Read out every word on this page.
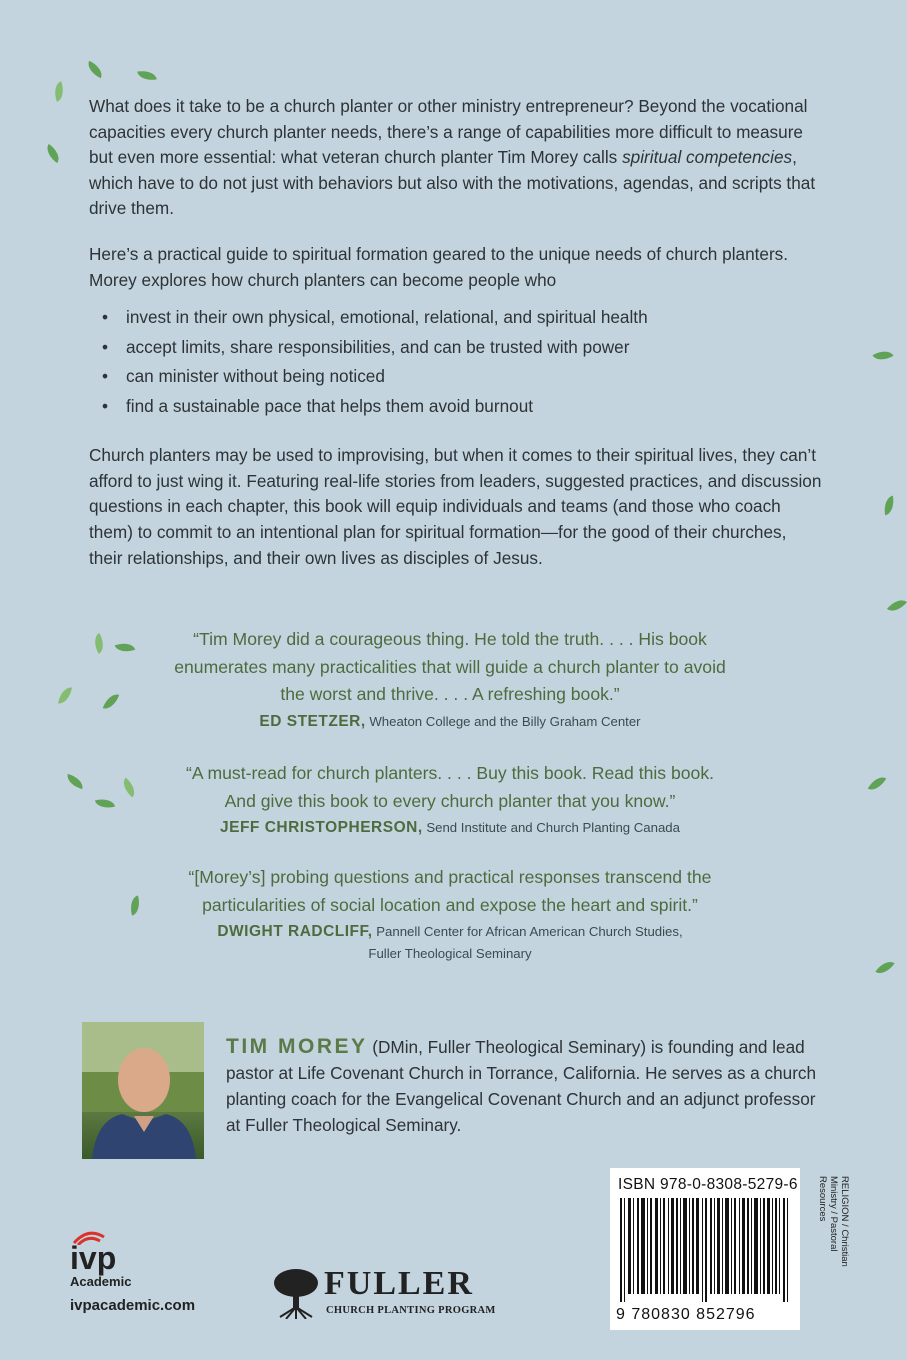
What does it take to be a church planter or other ministry entrepreneur? Beyond the vocational capacities every church planter needs, there’s a range of capabilities more difficult to measure but even more essential: what veteran church planter Tim Morey calls spiritual competencies, which have to do not just with behaviors but also with the motivations, agendas, and scripts that drive them.

Here’s a practical guide to spiritual formation geared to the unique needs of church planters. Morey explores how church planters can become people who

• invest in their own physical, emotional, relational, and spiritual health
• accept limits, share responsibilities, and can be trusted with power
• can minister without being noticed
• find a sustainable pace that helps them avoid burnout

Church planters may be used to improvising, but when it comes to their spiritual lives, they can’t afford to just wing it. Featuring real-life stories from leaders, suggested practices, and discussion questions in each chapter, this book will equip individuals and teams (and those who coach them) to commit to an intentional plan for spiritual formation—for the good of their churches, their relationships, and their own lives as disciples of Jesus.

“Tim Morey did a courageous thing. He told the truth. . . . His book enumerates many practicalities that will guide a church planter to avoid the worst and thrive. . . . A refreshing book.”
ED STETZER, Wheaton College and the Billy Graham Center
“A must-read for church planters. . . . Buy this book. Read this book. And give this book to every church planter that you know.”
JEFF CHRISTOPHERSON, Send Institute and Church Planting Canada
“[Morey’s] probing questions and practical responses transcend the particularities of social location and expose the heart and spirit.”
DWIGHT RADCLIFF, Pannell Center for African American Church Studies, Fuller Theological Seminary
TIM MOREY (DMin, Fuller Theological Seminary) is founding and lead pastor at Life Covenant Church in Torrance, California. He serves as a church planting coach for the Evangelical Covenant Church and an adjunct professor at Fuller Theological Seminary.
ivp
Academic
ivpacademic.com
FULLER
CHURCH PLANTING PROGRAM
ISBN 978-0-8308-5279-6
9 780830 852796
RELIGION / Christian Ministry / Pastoral Resources
